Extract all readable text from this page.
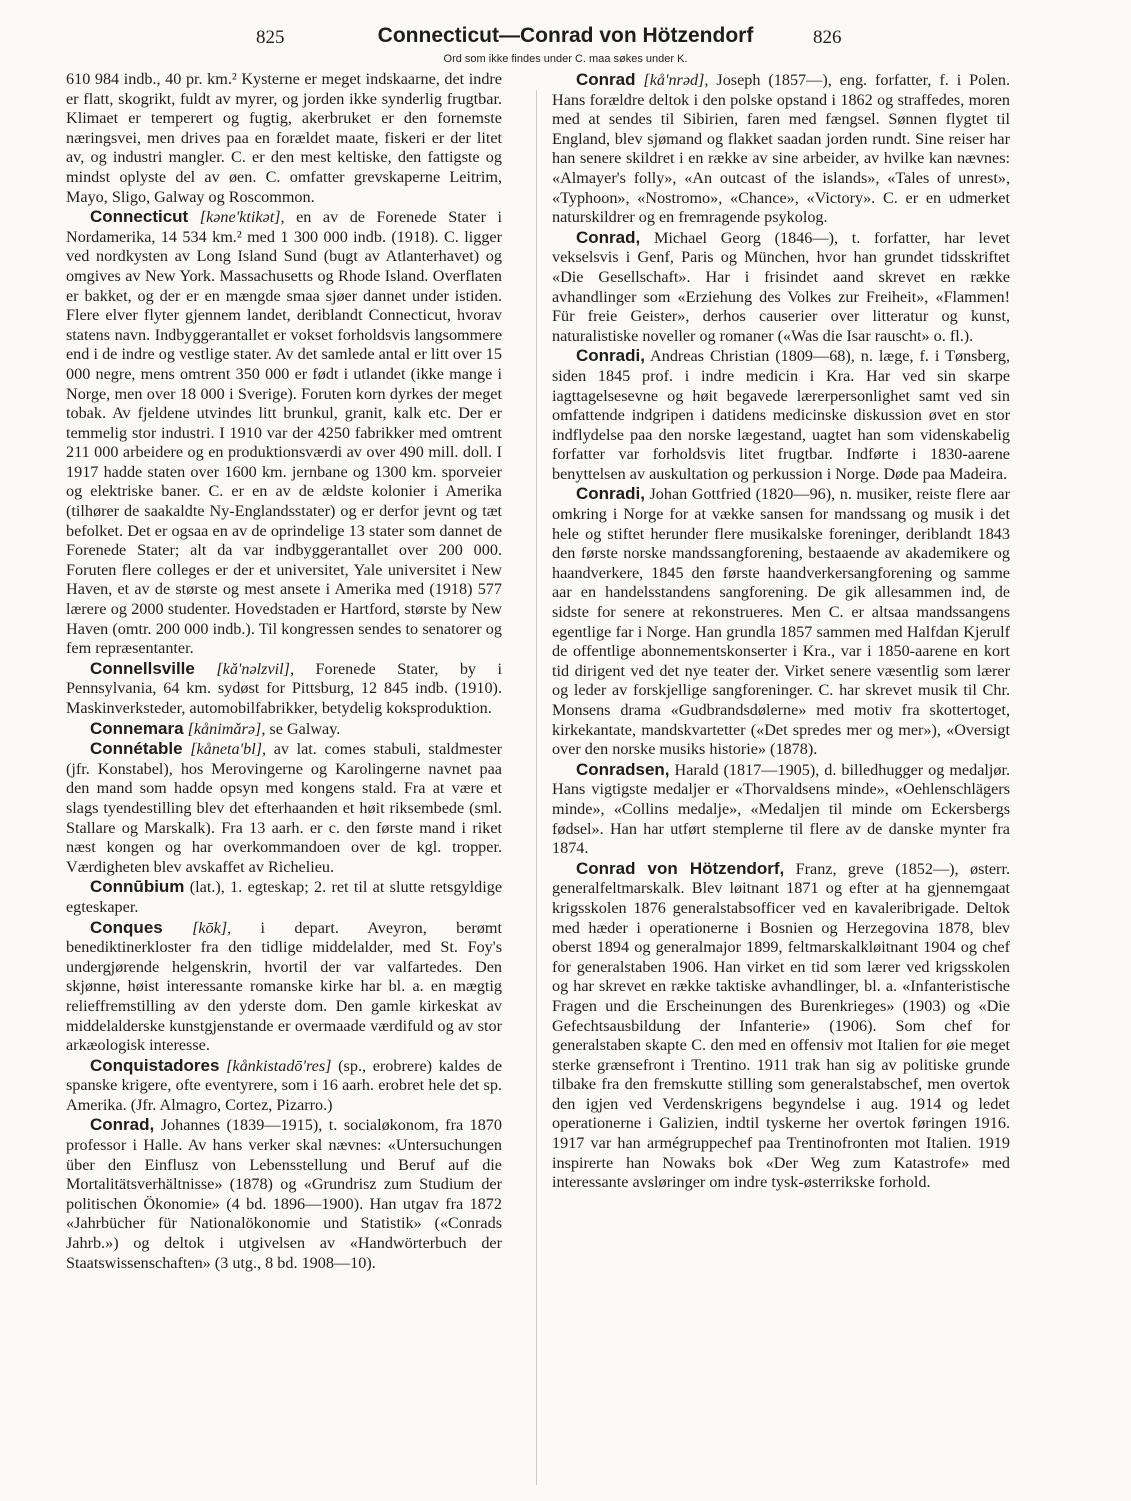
825	Connecticut—Conrad von Hötzendorf	826
Ord som ikke findes under C. maa søkes under K.

610 984 indb., 40 pr. km.² Kysterne er meget indskaarne, det indre er flatt, skogrikt, fuldt av myrer, og jorden ikke synderlig frugtbar. Klimaet er temperert og fugtig, akerbruket er den fornemste næringsvei, men drives paa en forældet maate, fiskeri er der litet av, og industri mangler. C. er den mest keltiske, den fattigste og mindst oplyste del av øen. C. omfatter grevskaperne Leitrim, Mayo, Sligo, Galway og Roscommon.

Connecticut [kǝne'ktikǝt], en av de Forenede Stater i Nordamerika, 14 534 km.² med 1 300 000 indb. (1918). C. ligger ved nordkysten av Long Island Sund (bugt av Atlanterhavet) og omgives av New York. Massachusetts og Rhode Island. Overflaten er bakket, og der er en mængde smaa sjøer dannet under istiden. Flere elver flyter gjennem landet, deriblandt Connecticut, hvorav statens navn. Indbyggerantallet er vokset forholdsvis langsommere end i de indre og vestlige stater. Av det samlede antal er litt over 15 000 negre, mens omtrent 350 000 er født i utlandet (ikke mange i Norge, men over 18 000 i Sverige). Foruten korn dyrkes der meget tobak. Av fjeldene utvindes litt brunkul, granit, kalk etc. Der er temmelig stor industri. I 1910 var der 4250 fabrikker med omtrent 211 000 arbeidere og en produktionsværdi av over 490 mill. doll. I 1917 hadde staten over 1600 km. jernbane og 1300 km. sporveier og elektriske baner. C. er en av de ældste kolonier i Amerika (tilhører de saakaldte Ny-Englandsstater) og er derfor jevnt og tæt befolket. Det er ogsaa en av de oprindelige 13 stater som dannet de Forenede Stater; alt da var indbyggerantallet over 200 000. Foruten flere colleges er der et universitet, Yale universitet i New Haven, et av de største og mest ansete i Amerika med (1918) 577 lærere og 2000 studenter. Hovedstaden er Hartford, største by New Haven (omtr. 200 000 indb.). Til kongressen sendes to senatorer og fem repræsentanter.

Connellsville [kǎ'nǝlzvil], Forenede Stater, by i Pennsylvania, 64 km. sydøst for Pittsburg, 12 845 indb. (1910). Maskinverksteder, automobilfabrikker, betydelig koksproduktion.

Connemara [kånimǎrǝ], se Galway.

Connétable [kåneta'bl], av lat. comes stabuli, staldmester (jfr. Konstabel), hos Merovingerne og Karolingerne navnet paa den mand som hadde opsyn med kongens stald. Fra at være et slags tyendestilling blev det efterhaanden et høit riksembede (sml. Stallare og Marskalk). Fra 13 aarh. er c. den første mand i riket næst kongen og har overkommandoen over de kgl. tropper. Værdigheten blev avskaffet av Richelieu.

Connūbium (lat.), 1. egteskap; 2. ret til at slutte retsgyldige egteskaper.

Conques [kōk], i depart. Aveyron, berømt benediktinerkloster fra den tidlige middelalder, med St. Foy's undergjørende helgenskrin, hvortil der var valfartedes. Den skjønne, høist interessante romanske kirke har bl. a. en mægtig relieffremstilling av den yderste dom. Den gamle kirkeskat av middelalderske kunstgjenstande er overmaade værdifuld og av stor arkæologisk interesse.

Conquistadores [kånkistadō'res] (sp., erobrere) kaldes de spanske krigere, ofte eventyrere, som i 16 aarh. erobret hele det sp. Amerika. (Jfr. Almagro, Cortez, Pizarro.)

Conrad, Johannes (1839—1915), t. socialøkonom, fra 1870 professor i Halle. Av hans verker skal nævnes: «Untersuchungen über den Einflusz von Lebensstellung und Beruf auf die Mortalitätsverhältnisse» (1878) og «Grundrisz zum Studium der politischen Ökonomie» (4 bd. 1896—1900). Han utgav fra 1872 «Jahrbücher für Nationalökonomie und Statistik» («Conrads Jahrb.») og deltok i utgivelsen av «Handwörterbuch der Staatswissenschaften» (3 utg., 8 bd. 1908—10).

Conrad [kå'nrǝd], Joseph (1857—), eng. forfatter, f. i Polen. Hans forældre deltok i den polske opstand i 1862 og straffedes, moren med at sendes til Sibirien, faren med fængsel. Sønnen flygtet til England, blev sjømand og flakket saadan jorden rundt. Sine reiser har han senere skildret i en række av sine arbeider, av hvilke kan nævnes: «Almayer's folly», «An outcast of the islands», «Tales of unrest», «Typhoon», «Nostromo», «Chance», «Victory». C. er en udmerket naturskildrer og en fremragende psykolog.

Conrad, Michael Georg (1846—), t. forfatter, har levet vekselsvis i Genf, Paris og München, hvor han grundet tidsskriftet «Die Gesellschaft». Har i frisindet aand skrevet en række avhandlinger som «Erziehung des Volkes zur Freiheit», «Flammen! Für freie Geister», derhos causerier over litteratur og kunst, naturalistiske noveller og romaner («Was die Isar rauscht» o. fl.).

Conradi, Andreas Christian (1809—68), n. læge, f. i Tønsberg, siden 1845 prof. i indre medicin i Kra. Har ved sin skarpe iagttagelsesevne og høit begavede lærerpersonlighet samt ved sin omfattende indgripen i datidens medicinske diskussion øvet en stor indflydelse paa den norske lægestand, uagtet han som videnskabelig forfatter var forholdsvis litet frugtbar. Indførte i 1830-aarene benyttelsen av auskultation og perkussion i Norge. Døde paa Madeira.

Conradi, Johan Gottfried (1820—96), n. musiker, reiste flere aar omkring i Norge for at vække sansen for mandssang og musik i det hele og stiftet herunder flere musikalske foreninger, deriblandt 1843 den første norske mandssangforening, bestaaende av akademikere og haandverkere, 1845 den første haandverkersangforening og samme aar en handelsstandens sangforening. De gik allesammen ind, de sidste for senere at rekonstrueres. Men C. er altsaa mandssangens egentlige far i Norge. Han grundla 1857 sammen med Halfdan Kjerulf de offentlige abonnementskonserter i Kra., var i 1850-aarene en kort tid dirigent ved det nye teater der. Virket senere væsentlig som lærer og leder av forskjellige sangforeninger. C. har skrevet musik til Chr. Monsens drama «Gudbrandsdølerne» med motiv fra skottertoget, kirkekantate, mandskvartetter («Det spredes mer og mer»), «Oversigt over den norske musiks historie» (1878).

Conradsen, Harald (1817—1905), d. billedhugger og medaljør. Hans vigtigste medaljer er «Thorvaldsens minde», «Oehlenschlägers minde», «Collins medalje», «Medaljen til minde om Eckersbergs fødsel». Han har utført stemplerne til flere av de danske mynter fra 1874.

Conrad von Hötzendorf, Franz, greve (1852—), østerr. generalfeltmarskalk. Blev løitnant 1871 og efter at ha gjennemgaat krigsskolen 1876 generalstabsofficer ved en kavaleribrigade. Deltok med hæder i operationerne i Bosnien og Herzegovina 1878, blev oberst 1894 og generalmajor 1899, feltmarskalkløitnant 1904 og chef for generalstaben 1906. Han virket en tid som lærer ved krigsskolen og har skrevet en række taktiske avhandlinger, bl. a. «Infanteristische Fragen und die Erscheinungen des Burenkrieges» (1903) og «Die Gefechtsausbildung der Infanterie» (1906). Som chef for generalstaben skapte C. den med en offensiv mot Italien for øie meget sterke grænsefront i Trentino. 1911 trak han sig av politiske grunde tilbake fra den fremskutte stilling som generalstabschef, men overtok den igjen ved Verdenskrigens begyndelse i aug. 1914 og ledet operationerne i Galizien, indtil tyskerne her overtok føringen 1916. 1917 var han armégruppechef paa Trentinofronten mot Italien. 1919 inspirerte han Nowaks bok «Der Weg zum Katastrofe» med interessante avsløringer om indre tysk-østerrikske forhold.
